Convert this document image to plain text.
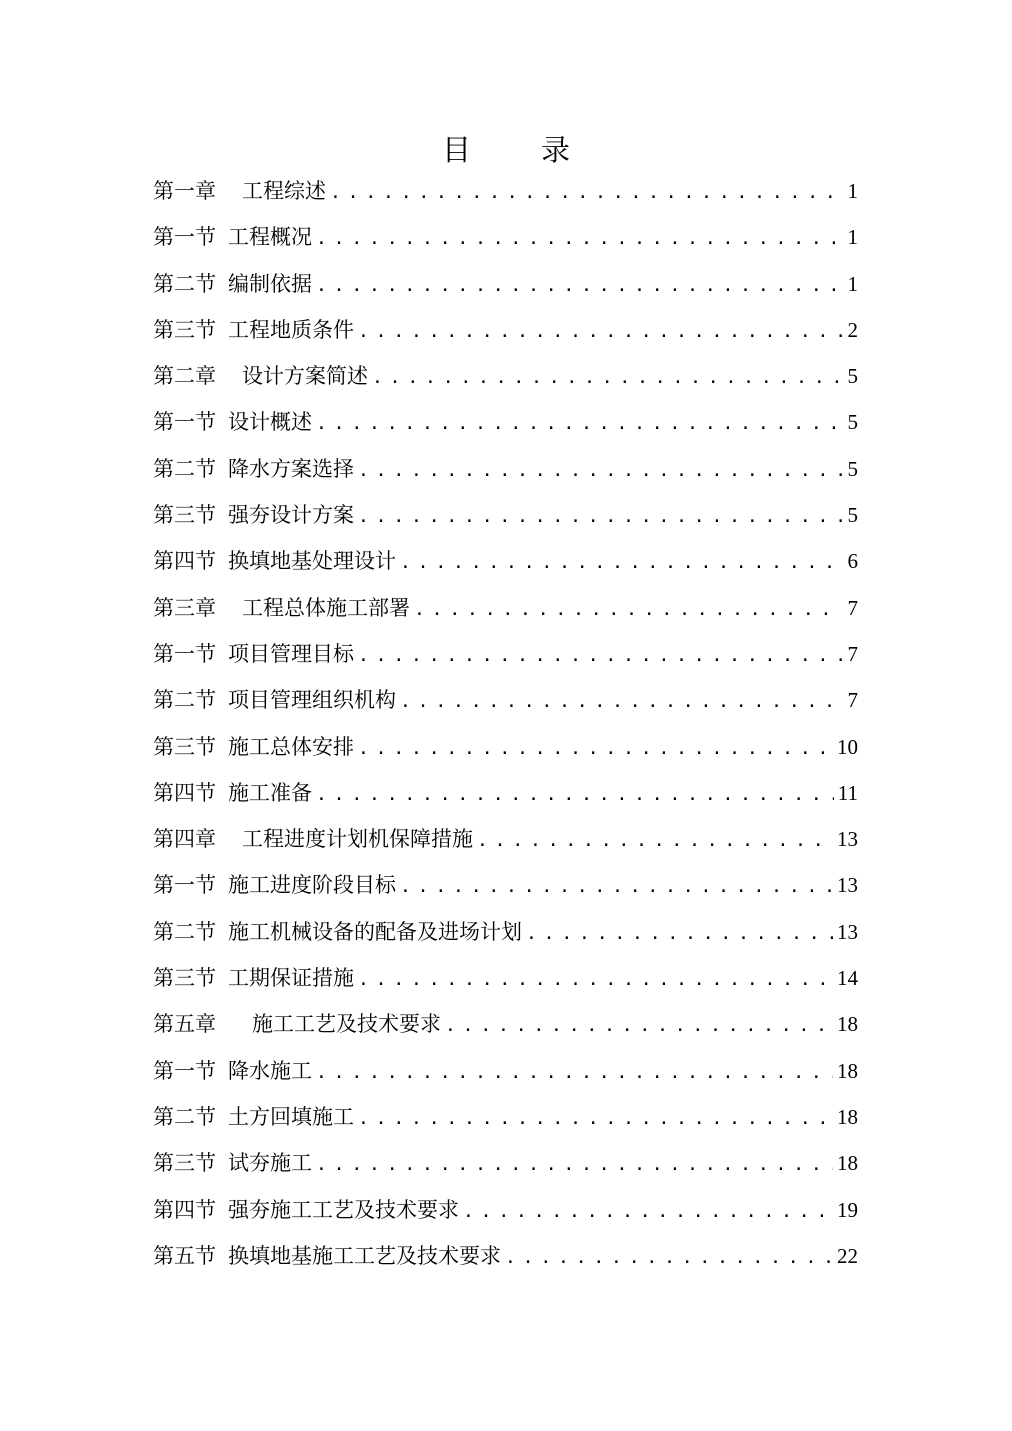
目 录
第一章 工程综述 . . .	1
第一节 工程概况 . . .	1
第二节 编制依据 . . .	1
第三节 工程地质条件 . . .	2
第二章 设计方案简述 . . .	5
第一节 设计概述 . . .	5
第二节 降水方案选择 . . .	5
第三节 强夯设计方案 . . .	5
第四节 换填地基处理设计 . . .	6
第三章 工程总体施工部署 . . .	7
第一节 项目管理目标 . . .	7
第二节 项目管理组织机构 . . .	7
第三节 施工总体安排 . . .	10
第四节 施工准备 . . .	11
第四章 工程进度计划机保障措施 . . .	13
第一节 施工进度阶段目标 . . .	13
第二节 施工机械设备的配备及进场计划 . . .	13
第三节 工期保证措施 . . .	14
第五章 施工工艺及技术要求 . . .	18
第一节 降水施工 . . .	18
第二节 土方回填施工 . . .	18
第三节 试夯施工 . . .	18
第四节 强夯施工工艺及技术要求 . . .	19
第五节 换填地基施工工艺及技术要求 . . .	22
